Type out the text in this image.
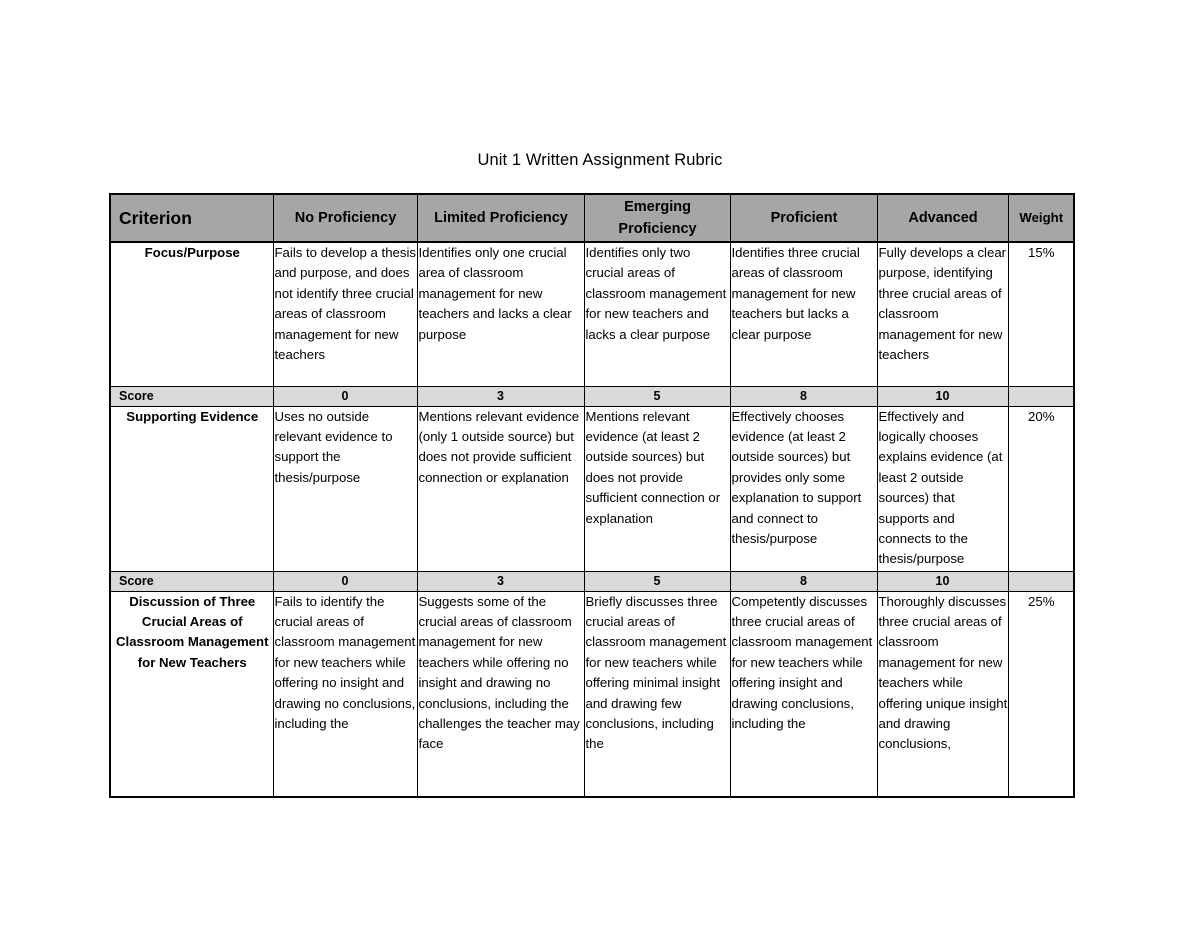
Unit 1 Written Assignment Rubric
Criterion	No Proficiency	Limited Proficiency	Emerging Proficiency	Proficient	Advanced	Weight
Focus/Purpose	Fails to develop a thesis and purpose, and does not identify three crucial areas of classroom management for new teachers	Identifies only one crucial area of classroom management for new teachers and lacks a clear purpose	Identifies only two crucial areas of classroom management for new teachers and lacks a clear purpose	Identifies three crucial areas of classroom management for new teachers but lacks a clear purpose	Fully develops a clear purpose, identifying three crucial areas of classroom management for new teachers	15%
Score	0	3	5	8	10	
Supporting Evidence	Uses no outside relevant evidence to support the thesis/purpose	Mentions relevant evidence (only 1 outside source) but does not provide sufficient connection or explanation	Mentions relevant evidence (at least 2 outside sources) but does not provide sufficient connection or explanation	Effectively chooses evidence (at least 2 outside sources) but provides only some explanation to support and connect to thesis/purpose	Effectively and logically chooses explains evidence (at least 2 outside sources) that supports and connects to the thesis/purpose	20%
Score	0	3	5	8	10	
Discussion of Three Crucial Areas of Classroom Management for New Teachers	Fails to identify the crucial areas of classroom management for new teachers while offering no insight and drawing no conclusions, including the	Suggests some of the crucial areas of classroom management for new teachers while offering no insight and drawing no conclusions, including the challenges the teacher may face	Briefly discusses three crucial areas of classroom management for new teachers while offering minimal insight and drawing few conclusions, including the	Competently discusses three crucial areas of classroom management for new teachers while offering insight and drawing conclusions, including the	Thoroughly discusses three crucial areas of classroom management for new teachers while offering unique insight and drawing conclusions,	25%
